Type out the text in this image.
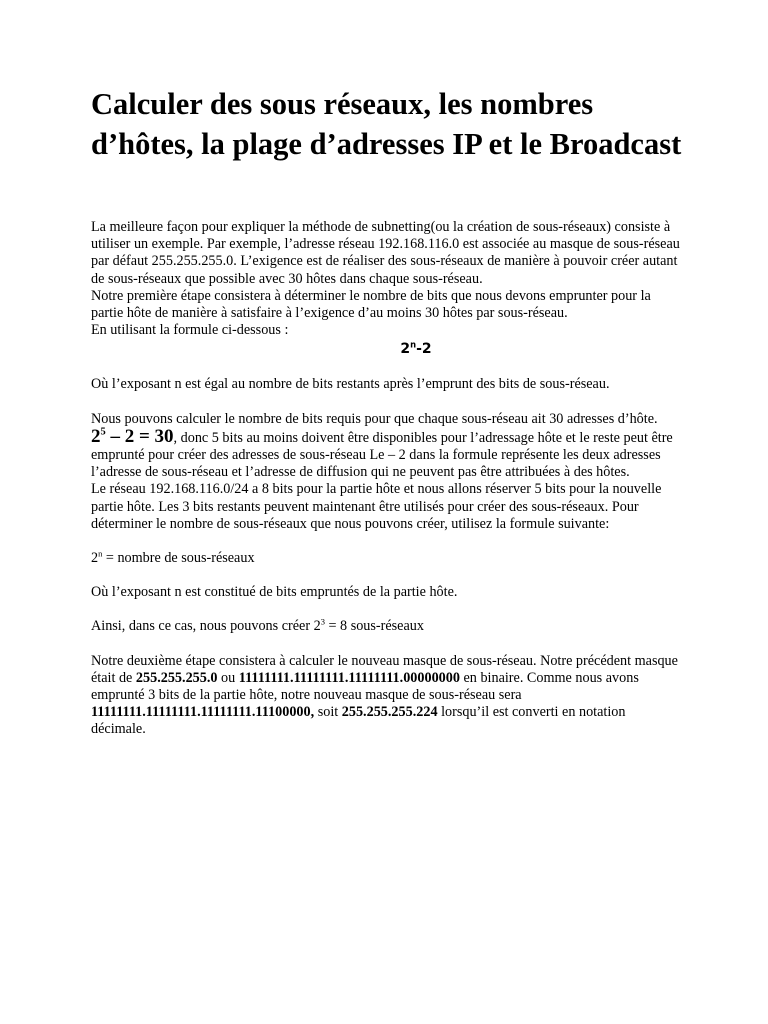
Calculer des sous réseaux, les nombres d’hôtes, la plage d’adresses IP et le Broadcast

La meilleure façon pour expliquer la méthode de subnetting(ou la création de sous-réseaux) consiste à utiliser un exemple. Par exemple, l’adresse réseau 192.168.116.0 est associée au masque de sous-réseau par défaut 255.255.255.0. L’exigence est de réaliser des sous-réseaux de manière à pouvoir créer autant de sous-réseaux que possible avec 30 hôtes dans chaque sous-réseau.

Notre première étape consistera à déterminer le nombre de bits que nous devons emprunter pour la partie hôte de manière à satisfaire à l’exigence d’au moins 30 hôtes par sous-réseau.

En utilisant la formule ci-dessous :

2$^n$-2

Où l’exposant n est égal au nombre de bits restants après l’emprunt des bits de sous-réseau.

Nous pouvons calculer le nombre de bits requis pour que chaque sous-réseau ait 30 adresses d’hôte.

$2^5 - 2 = 30$, donc 5 bits au moins doivent être disponibles pour l’adressage hôte et le reste peut être emprunté pour créer des adresses de sous-réseau Le – 2 dans la formule représente les deux adresses l’adresse de sous-réseau et l’adresse de diffusion qui ne peuvent pas être attribuées à des hôtes.

Le réseau 192.168.116.0/24 a 8 bits pour la partie hôte et nous allons réserver 5 bits pour la nouvelle partie hôte. Les 3 bits restants peuvent maintenant être utilisés pour créer des sous-réseaux. Pour déterminer le nombre de sous-réseaux que nous pouvons créer, utilisez la formule suivante:

$2^n$ = nombre de sous-réseaux

Où l’exposant n est constitué de bits empruntés de la partie hôte.

Ainsi, dans ce cas, nous pouvons créer $2^3 = 8$ sous-réseaux

Notre deuxième étape consistera à calculer le nouveau masque de sous-réseau. Notre précédent masque était de 255.255.255.0 ou 11111111.11111111.11111111.00000000 en binaire. Comme nous avons emprunté 3 bits de la partie hôte, notre nouveau masque de sous-réseau sera 11111111.11111111.11111111.11100000, soit 255.255.255.224 lorsqu’il est converti en notation décimale.
